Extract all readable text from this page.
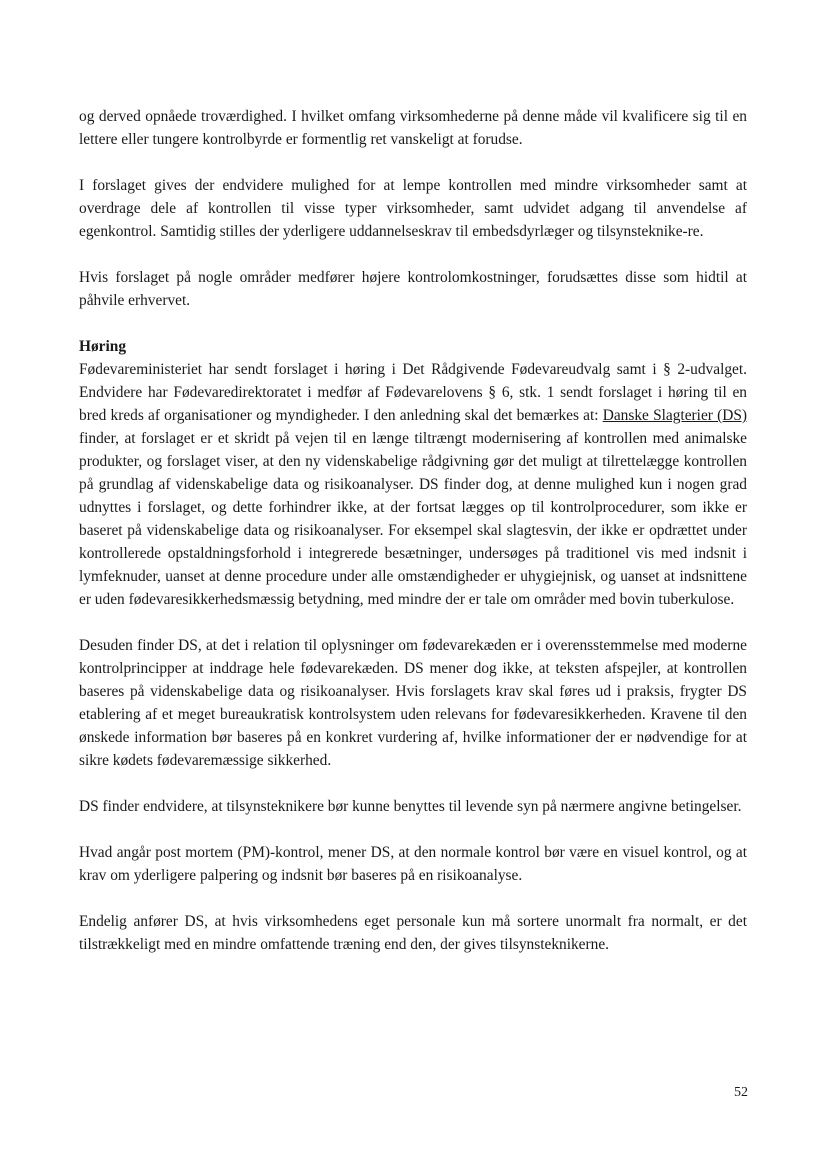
og derved opnåede troværdighed. I hvilket omfang virksomhederne på denne måde vil kvalificere sig til en lettere eller tungere kontrolbyrde er formentlig ret vanskeligt at forudse.

I forslaget gives der endvidere mulighed for at lempe kontrollen med mindre virksomheder samt at overdrage dele af kontrollen til visse typer virksomheder, samt udvidet adgang til anvendelse af egenkontrol. Samtidig stilles der yderligere uddannelseskrav til embedsdyrlæger og tilsynsteknike-re.

Hvis forslaget på nogle områder medfører højere kontrolomkostninger, forudsættes disse som hidtil at påhvile erhvervet.

Høring
Fødevareministeriet har sendt forslaget i høring i Det Rådgivende Fødevareudvalg samt i § 2-udvalget. Endvidere har Fødevaredirektoratet i medfør af Fødevarelovens § 6, stk. 1 sendt forslaget i høring til en bred kreds af organisationer og myndigheder. I den anledning skal det bemærkes at: Danske Slagterier (DS) finder, at forslaget er et skridt på vejen til en længe tiltrængt modernisering af kontrollen med animalske produkter, og forslaget viser, at den ny videnskabelige rådgivning gør det muligt at tilrettelægge kontrollen på grundlag af videnskabelige data og risikoanalyser. DS finder dog, at denne mulighed kun i nogen grad udnyttes i forslaget, og dette forhindrer ikke, at der fortsat lægges op til kontrolprocedurer, som ikke er baseret på videnskabelige data og risikoanalyser. For eksempel skal slagtesvin, der ikke er opdrættet under kontrollerede opstaldningsforhold i integrerede besætninger, undersøges på traditionel vis med indsnit i lymfeknuder, uanset at denne procedure under alle omstændigheder er uhygiejnisk, og uanset at indsnittene er uden fødevaresikkerhedsmæssig betydning, med mindre der er tale om områder med bovin tuberkulose.

Desuden finder DS, at det i relation til oplysninger om fødevarekæden er i overensstemmelse med moderne kontrolprincipper at inddrage hele fødevarekæden. DS mener dog ikke, at teksten afspejler, at kontrollen baseres på videnskabelige data og risikoanalyser. Hvis forslagets krav skal føres ud i praksis, frygter DS etablering af et meget bureaukratisk kontrolsystem uden relevans for fødevaresikkerheden. Kravene til den ønskede information bør baseres på en konkret vurdering af, hvilke informationer der er nødvendige for at sikre kødets fødevaremæssige sikkerhed.

DS finder endvidere, at tilsynsteknikere bør kunne benyttes til levende syn på nærmere angivne betingelser.

Hvad angår post mortem (PM)-kontrol, mener DS, at den normale kontrol bør være en visuel kontrol, og at krav om yderligere palpering og indsnit bør baseres på en risikoanalyse.

Endelig anfører DS, at hvis virksomhedens eget personale kun må sortere unormalt fra normalt, er det tilstrækkeligt med en mindre omfattende træning end den, der gives tilsynsteknikerne.

52
